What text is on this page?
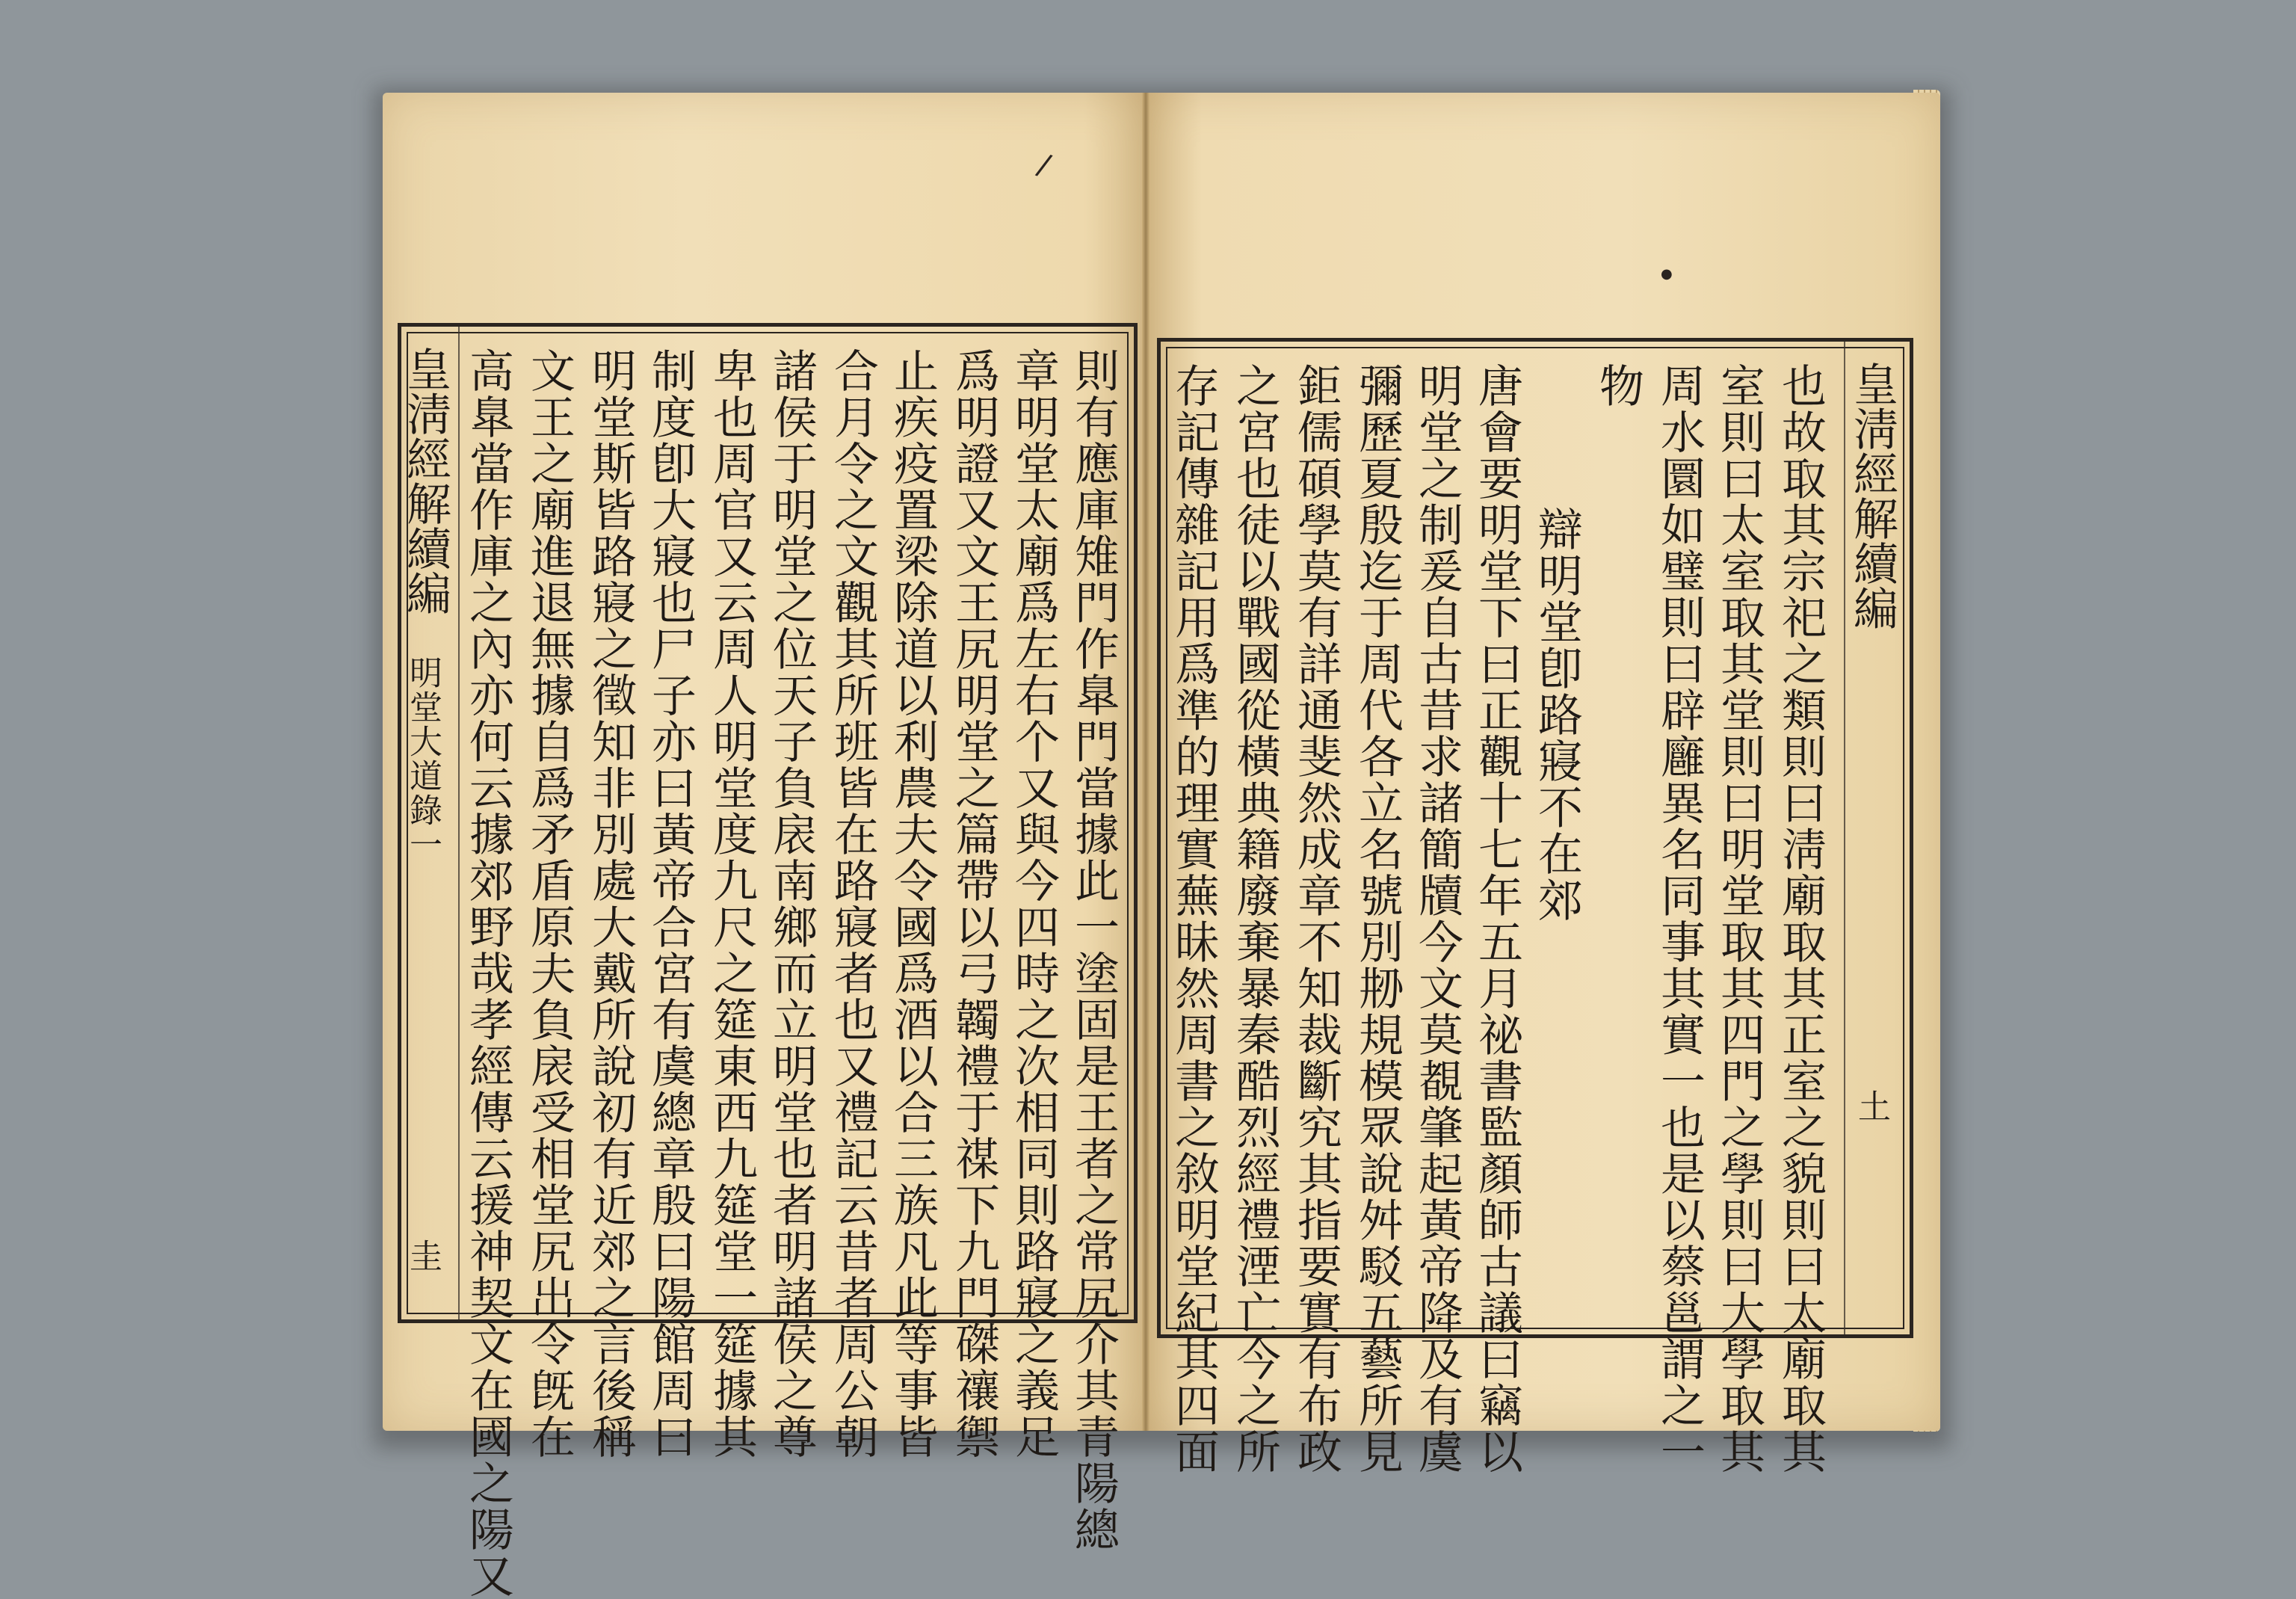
皇淸經解續編
明堂大道錄一
圭 高臯當作庫之內亦何云據郊野哉孝經傳云援神契文在國之陽又 文王之廟進退無據自爲矛盾原夫負扆受相堂尻出令旣在 明堂斯皆路寢之徵知非別處大戴所說初有近郊之言後稱 制度卽大寢也尸子亦曰黃帝合宮有虞總章殷曰陽館周曰 卑也周官又云周人明堂度九尺之筵東西九筵堂一筵據其 諸侯于明堂之位天子負扆南鄉而立明堂也者明諸侯之尊 合月令之文觀其所班皆在路寢者也又禮記云昔者周公朝 止疾疫置梁除道以利農夫令國爲酒以合三族凡此等事皆 爲明證又文王尻明堂之篇帶以弓韣禮于禖下九門磔禳禦 章明堂太廟爲左右个又與今四時之次相同則路寢之義足 則有應庫雉門作臯門當據此一塗固是王者之常尻介其青陽總 存記傳雜記用爲準的理實蕪昧然周書之敘明堂紀其四面 之宮也徒以戰國從橫典籍廢棄暴秦酷烈經禮湮亡今之所 鉅儒碩學莫有詳通斐然成章不知裁斷究其指要實有布政 彌歷夏殷迄于周代各立名號別刱規模眾說舛駁五藝所見 明堂之制爰自古昔求諸簡牘今文莫覩肇起黃帝降及有虞 唐會要明堂下曰正觀十七年五月祕書監顏師古議曰竊以 辯明堂卽路寢不在郊
物 周水圜如璧則曰辟廱異名同事其實一也是以蔡邕謂之一 室則曰太室取其堂則曰明堂取其四門之學則曰大學取其 也故取其宗祀之類則曰淸廟取其正室之貌則曰太廟取其 皇淸經解續編
土
/
●
